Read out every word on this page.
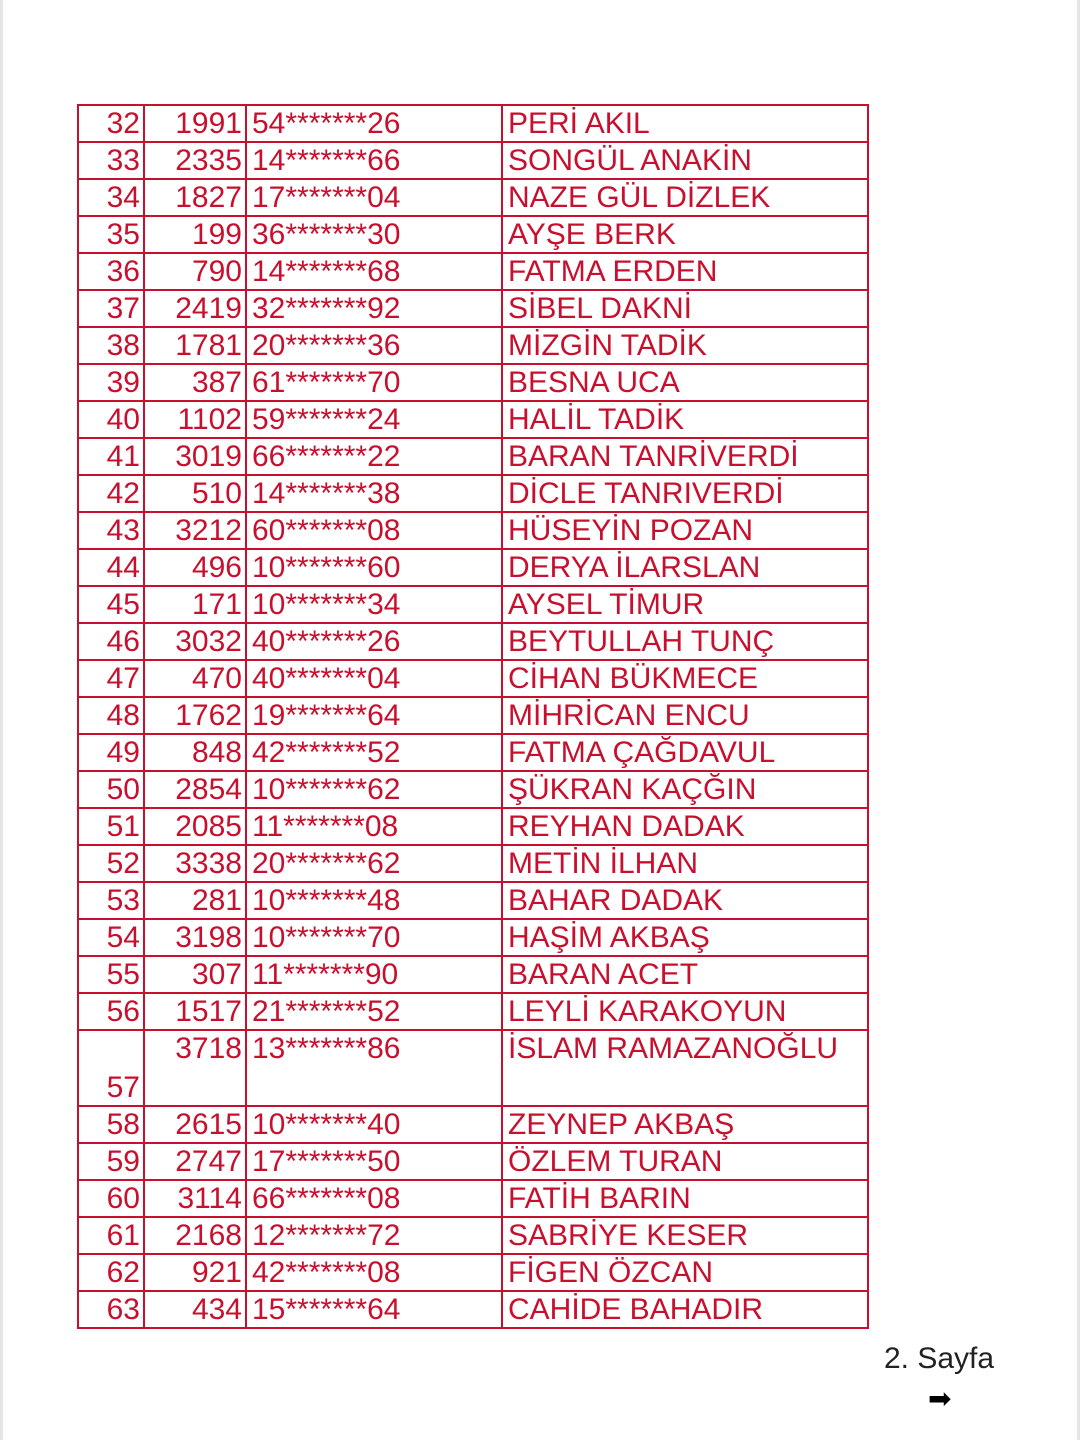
32	1991	54*******26	PERİ AKIL
33	2335	14*******66	SONGÜL ANAKİN
34	1827	17*******04	NAZE GÜL DİZLEK
35	199	36*******30	AYŞE BERK
36	790	14*******68	FATMA ERDEN
37	2419	32*******92	SİBEL DAKNİ
38	1781	20*******36	MİZGİN TADİK
39	387	61*******70	BESNA UCA
40	1102	59*******24	HALİL TADİK
41	3019	66*******22	BARAN TANRİVERDİ
42	510	14*******38	DİCLE TANRIVERDİ
43	3212	60*******08	HÜSEYİN POZAN
44	496	10*******60	DERYA İLARSLAN
45	171	10*******34	AYSEL TİMUR
46	3032	40*******26	BEYTULLAH TUNÇ
47	470	40*******04	CİHAN BÜKMECE
48	1762	19*******64	MİHRİCAN ENCU
49	848	42*******52	FATMA ÇAĞDAVUL
50	2854	10*******62	ŞÜKRAN KAÇĞIN
51	2085	11*******08	REYHAN DADAK
52	3338	20*******62	METİN İLHAN
53	281	10*******48	BAHAR DADAK
54	3198	10*******70	HAŞİM AKBAŞ
55	307	11*******90	BARAN ACET
56	1517	21*******52	LEYLİ KARAKOYUN
57	3718	13*******86	İSLAM RAMAZANOĞLU
58	2615	10*******40	ZEYNEP AKBAŞ
59	2747	17*******50	ÖZLEM TURAN
60	3114	66*******08	FATİH BARIN
61	2168	12*******72	SABRİYE KESER
62	921	42*******08	FİGEN ÖZCAN
63	434	15*******64	CAHİDE BAHADIR
2. Sayfa
➡
